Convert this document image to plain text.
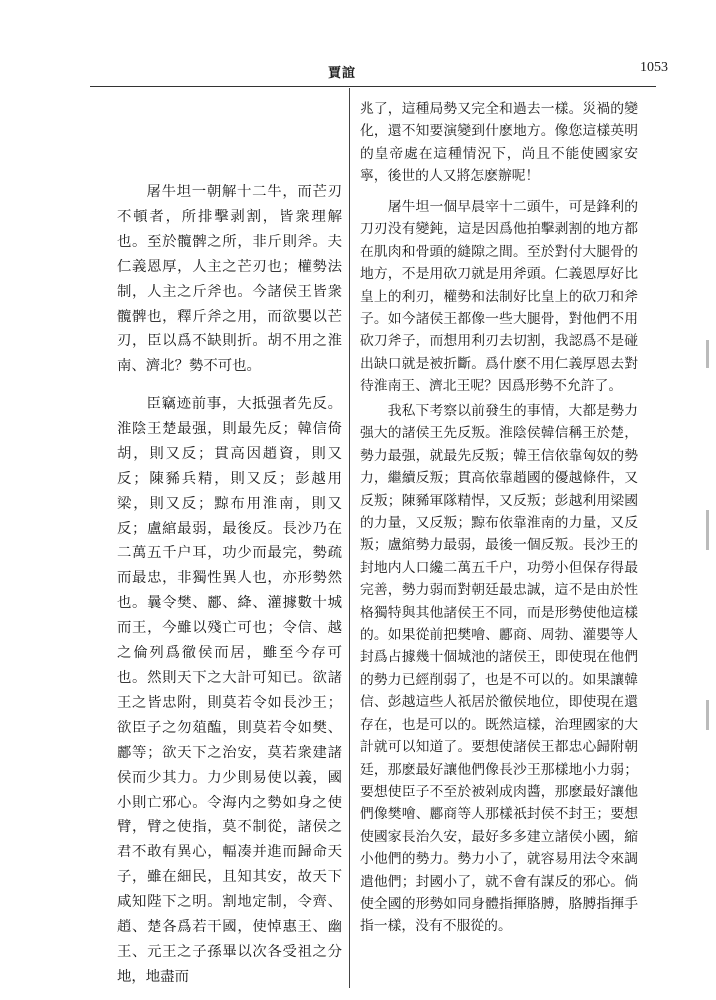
賈誼	1053
屠牛坦一朝解十二牛，而芒刃不頓者，所排擊剥割，皆衆理解也。至於髖髀之所，非斤則斧。夫仁義恩厚，人主之芒刃也；權勢法制，人主之斤斧也。今諸侯王皆衆髖髀也，釋斤斧之用，而欲嬰以芒刃，臣以爲不缺則折。胡不用之淮南、濟北？勢不可也。
臣竊迹前事，大抵强者先反。淮陰王楚最强，則最先反；韓信倚胡，則又反；貫高因趙資，則又反；陳豨兵精，則又反；彭越用梁，則又反；黥布用淮南，則又反；盧綰最弱，最後反。長沙乃在二萬五千户耳，功少而最完，勢疏而最忠，非獨性異人也，亦形勢然也。曩令樊、酈、絳、灌據數十城而王，今雖以殘亡可也；令信、越之倫列爲徹侯而居，雖至今存可也。然則天下之大計可知已。欲諸王之皆忠附，則莫若令如長沙王；欲臣子之勿葅醢，則莫若令如樊、酈等；欲天下之治安，莫若衆建諸侯而少其力。力少則易使以義，國小則亡邪心。令海内之勢如身之使臂，臂之使指，莫不制從，諸侯之君不敢有異心，輻凑并進而歸命天子，雖在細民，且知其安，故天下咸知陛下之明。割地定制，令齊、趙、楚各爲若干國，使悼惠王、幽王、元王之子孫畢以次各受祖之分地，地盡而
兆了，這種局勢又完全和過去一樣。災禍的變化，還不知要演變到什麽地方。像您這樣英明的皇帝處在這種情況下，尚且不能使國家安寧，後世的人又將怎麽辦呢！
屠牛坦一個早晨宰十二頭牛，可是鋒利的刀刃没有變鈍，這是因爲他拍擊剥割的地方都在肌肉和骨頭的縫隙之間。至於對付大腿骨的地方，不是用砍刀就是用斧頭。仁義恩厚好比皇上的利刃，權勢和法制好比皇上的砍刀和斧子。如今諸侯王都像一些大腿骨，對他們不用砍刀斧子，而想用利刃去切割，我認爲不是碰出缺口就是被折斷。爲什麽不用仁義厚恩去對待淮南王、濟北王呢？因爲形勢不允許了。
我私下考察以前發生的事情，大都是勢力强大的諸侯王先反叛。淮陰侯韓信稱王於楚，勢力最强，就最先反叛；韓王信依靠匈奴的勢力，繼續反叛；貫高依靠趙國的優越條件，又反叛；陳豨軍隊精悍，又反叛；彭越利用梁國的力量，又反叛；黥布依靠淮南的力量，又反叛；盧綰勢力最弱，最後一個反叛。長沙王的封地内人口纔二萬五千户，功勞小但保存得最完善，勢力弱而對朝廷最忠誠，這不是由於性格獨特與其他諸侯王不同，而是形勢使他這樣的。如果從前把樊噲、酈商、周勃、灌嬰等人封爲占據幾十個城池的諸侯王，即使現在他們的勢力已經削弱了，也是不可以的。如果讓韓信、彭越這些人祇居於徹侯地位，即使現在還存在，也是可以的。既然這樣，治理國家的大計就可以知道了。要想使諸侯王都忠心歸附朝廷，那麽最好讓他們像長沙王那樣地小力弱；要想使臣子不至於被剁成肉醬，那麽最好讓他們像樊噲、酈商等人那樣祇封侯不封王；要想使國家長治久安，最好多多建立諸侯小國，縮小他們的勢力。勢力小了，就容易用法令來調遣他們；封國小了，就不會有謀反的邪心。倘使全國的形勢如同身體指揮胳膊，胳膊指揮手指一樣，没有不服從的。
